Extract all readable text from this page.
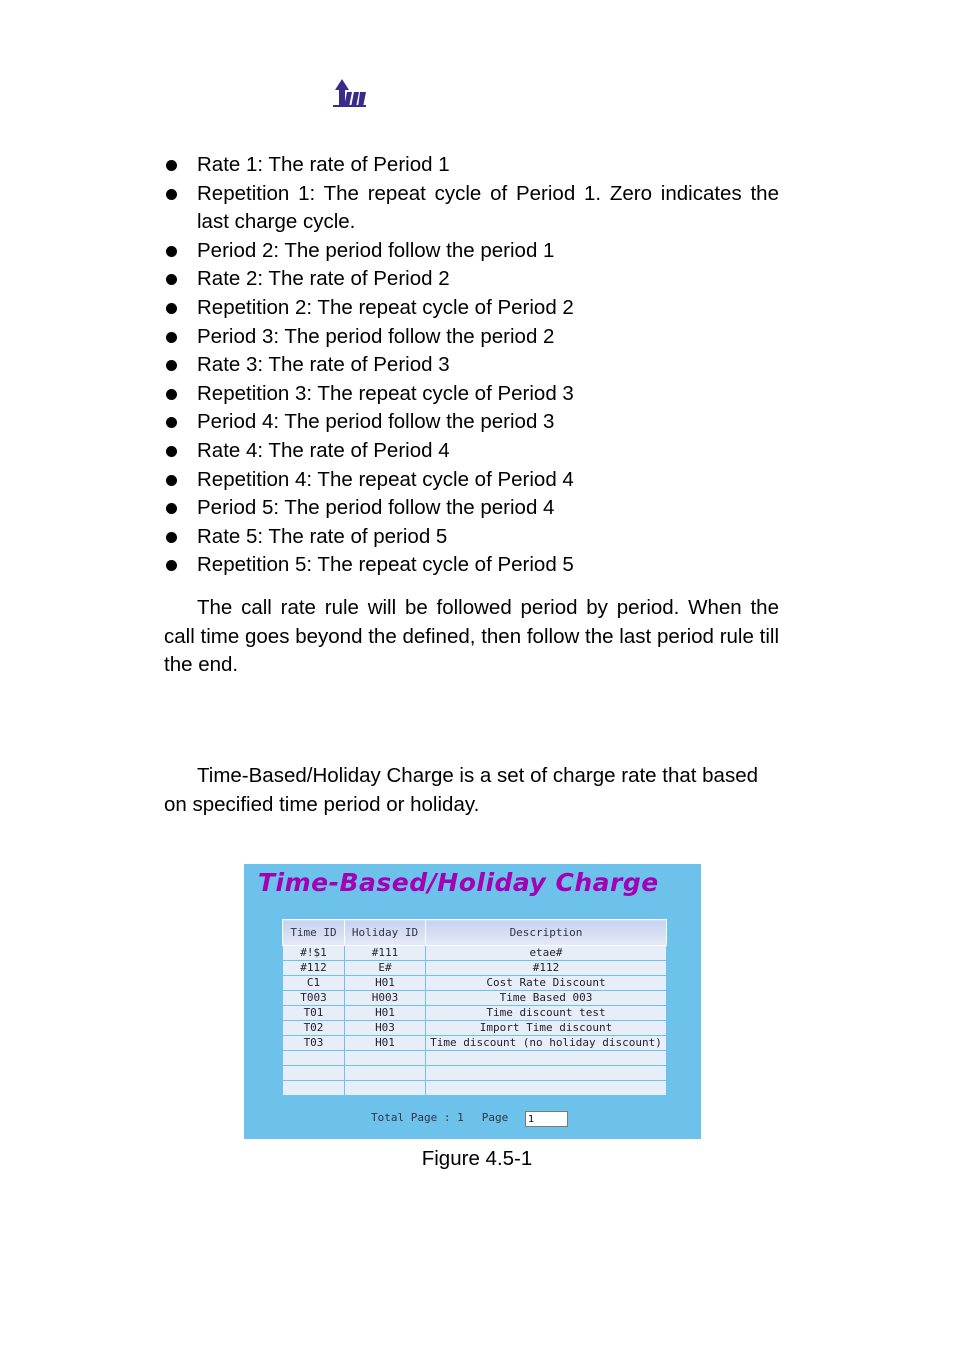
Rate 1: The rate of Period 1
Repetition 1: The repeat cycle of Period 1. Zero indicates the last charge cycle.
Period 2: The period follow the period 1
Rate 2: The rate of Period 2
Repetition 2: The repeat cycle of Period 2
Period 3: The period follow the period 2
Rate 3: The rate of Period 3
Repetition 3: The repeat cycle of Period 3
Period 4: The period follow the period 3
Rate 4: The rate of Period 4
Repetition 4: The repeat cycle of Period 4
Period 5: The period follow the period 4
Rate 5: The rate of period 5
Repetition 5: The repeat cycle of Period 5

The call rate rule will be followed period by period. When the call time goes beyond the defined, then follow the last period rule till the end.

Time-Based/Holiday Charge is a set of charge rate that based on specified time period or holiday.

Time-Based/Holiday Charge

Time ID	Holiday ID	Description
#!$1	#111	etae#
#112	E#	#112
C1	H01	Cost Rate Discount
T003	H003	Time Based 003
T01	H01	Time discount test
T02	H03	Import Time discount
T03	H01	Time discount (no holiday discount)

Total Page : 1 Page
1

Figure 4.5-1
